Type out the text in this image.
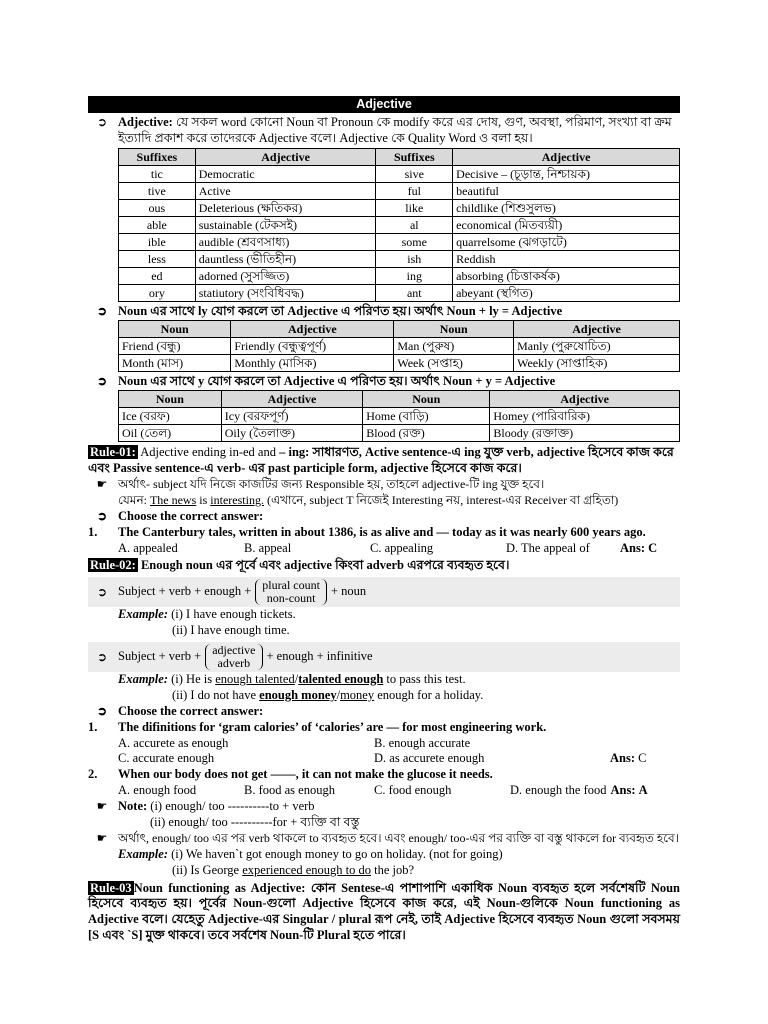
Adjective
➲ Adjective: যে সকল word কোনো Noun বা Pronoun কে modify করে এর দোষ, গুণ, অবস্থা, পরিমাণ, সংখ্যা বা ক্রম ইত্যাদি প্রকাশ করে তাদেরকে Adjective বলে। Adjective কে Quality Word ও বলা হয়।
Suffixes	Adjective	Suffixes	Adjective
tic	Democratic	sive	Decisive – (চূড়ান্ত, নিশ্চায়ক)
tive	Active	ful	beautiful
ous	Deleterious (ক্ষতিকর)	like	childlike (শিশুসুলভ)
able	sustainable (টেকসই)	al	economical (মিতব্যয়ী)
ible	audible (শ্রবণসাধ্য)	some	quarrelsome (ঝগড়াটে)
less	dauntless (ভীতিহীন)	ish	Reddish
ed	adorned (সুসজ্জিত)	ing	absorbing (চিত্তাকর্ষক)
ory	statiutory (সংবিধিবদ্ধ)	ant	abeyant (স্থগিত)
➲ Noun এর সাথে ly যোগ করলে তা Adjective এ পরিণত হয়। অর্থাৎ Noun + ly = Adjective
Noun	Adjective	Noun	Adjective
Friend (বন্ধু)	Friendly (বন্ধুত্বপূর্ণ)	Man (পুরুষ)	Manly (পুরুষোচিত)
Month (মাস)	Monthly (মাসিক)	Week (সপ্তাহ)	Weekly (সাপ্তাহিক)
➲ Noun এর সাথে y যোগ করলে তা Adjective এ পরিণত হয়। অর্থাৎ Noun + y = Adjective
Noun	Adjective	Noun	Adjective
Ice (বরফ)	Icy (বরফপূর্ণ)	Home (বাড়ি)	Homey (পারিবারিক)
Oil (তেল)	Oily (তৈলাক্ত)	Blood (রক্ত)	Bloody (রক্তাক্ত)
Rule-01: Adjective ending in-ed and – ing: সাধারণত, Active sentence-এ ing যুক্ত verb, adjective হিসেবে কাজ করে এবং Passive sentence-এ verb- এর past participle form, adjective হিসেবে কাজ করে।
☛ অর্থাৎ- subject যদি নিজে কাজটির জন্য Responsible হয়, তাহলে adjective-টি ing যুক্ত হবে।
যেমন: The news is interesting. (এখানে, subject T নিজেই Interesting নয়, interest-এর Receiver বা গ্রহিতা)
➲ Choose the correct answer:
1. The Canterbury tales, written in about 1386, is as alive and — today as it was nearly 600 years ago.
A. appealed	B. appeal	C. appealing	D. The appeal of	Ans: C
Rule-02: Enough noun এর পূর্বে এবং adjective কিংবা adverb এরপরে ব্যবহৃত হবে।
➲ Subject + verb + enough + plural count
non-count	+ noun
Example: (i) I have enough tickets.
(ii) I have enough time.
➲ Subject + verb + adjective
adverb	+ enough + infinitive
Example: (i) He is enough talented/talented enough to pass this test.
(ii) I do not have enough money/money enough for a holiday.
➲ Choose the correct answer:
1. The difinitions for ‘gram calories’ of ‘calories’ are — for most engineering work.
A. accurete as enough	B. enough accurate
C. accurate enough	D. as accurete enough	Ans: C
2. When our body does not get ——, it can not make the glucose it needs.
A. enough food	B. food as enough	C. food enough	D. enough the food Ans: A
☛ Note: (i) enough/ too ----------to + verb
(ii) enough/ too ----------for + ব্যক্তি বা বস্তু
☛ অর্থাৎ, enough/ too এর পর verb থাকলে to ব্যবহৃত হবে। এবং enough/ too-এর পর ব্যক্তি বা বস্তু থাকলে for ব্যবহৃত হবে।
Example: (i) We haven`t got enough money to go on holiday. (not for going)
(ii) Is George experienced enough to do the job?
Rule-03 Noun functioning as Adjective: কোন Sentese-এ পাশাপাশি একাধিক Noun ব্যবহৃত হলে সর্বশেষটি Noun হিসেবে ব্যবহৃত হয়। পূর্বের Noun-গুলো Adjective হিসেবে কাজ করে, এই Noun-গুলিকে Noun functioning as Adjective বলে। যেহেতু Adjective-এর Singular / plural রূপ নেই, তাই Adjective হিসেবে ব্যবহৃত Noun গুলো সবসময় [S এবং `S] মুক্ত থাকবে। তবে সর্বশেষ Noun-টি Plural হতে পারে।
